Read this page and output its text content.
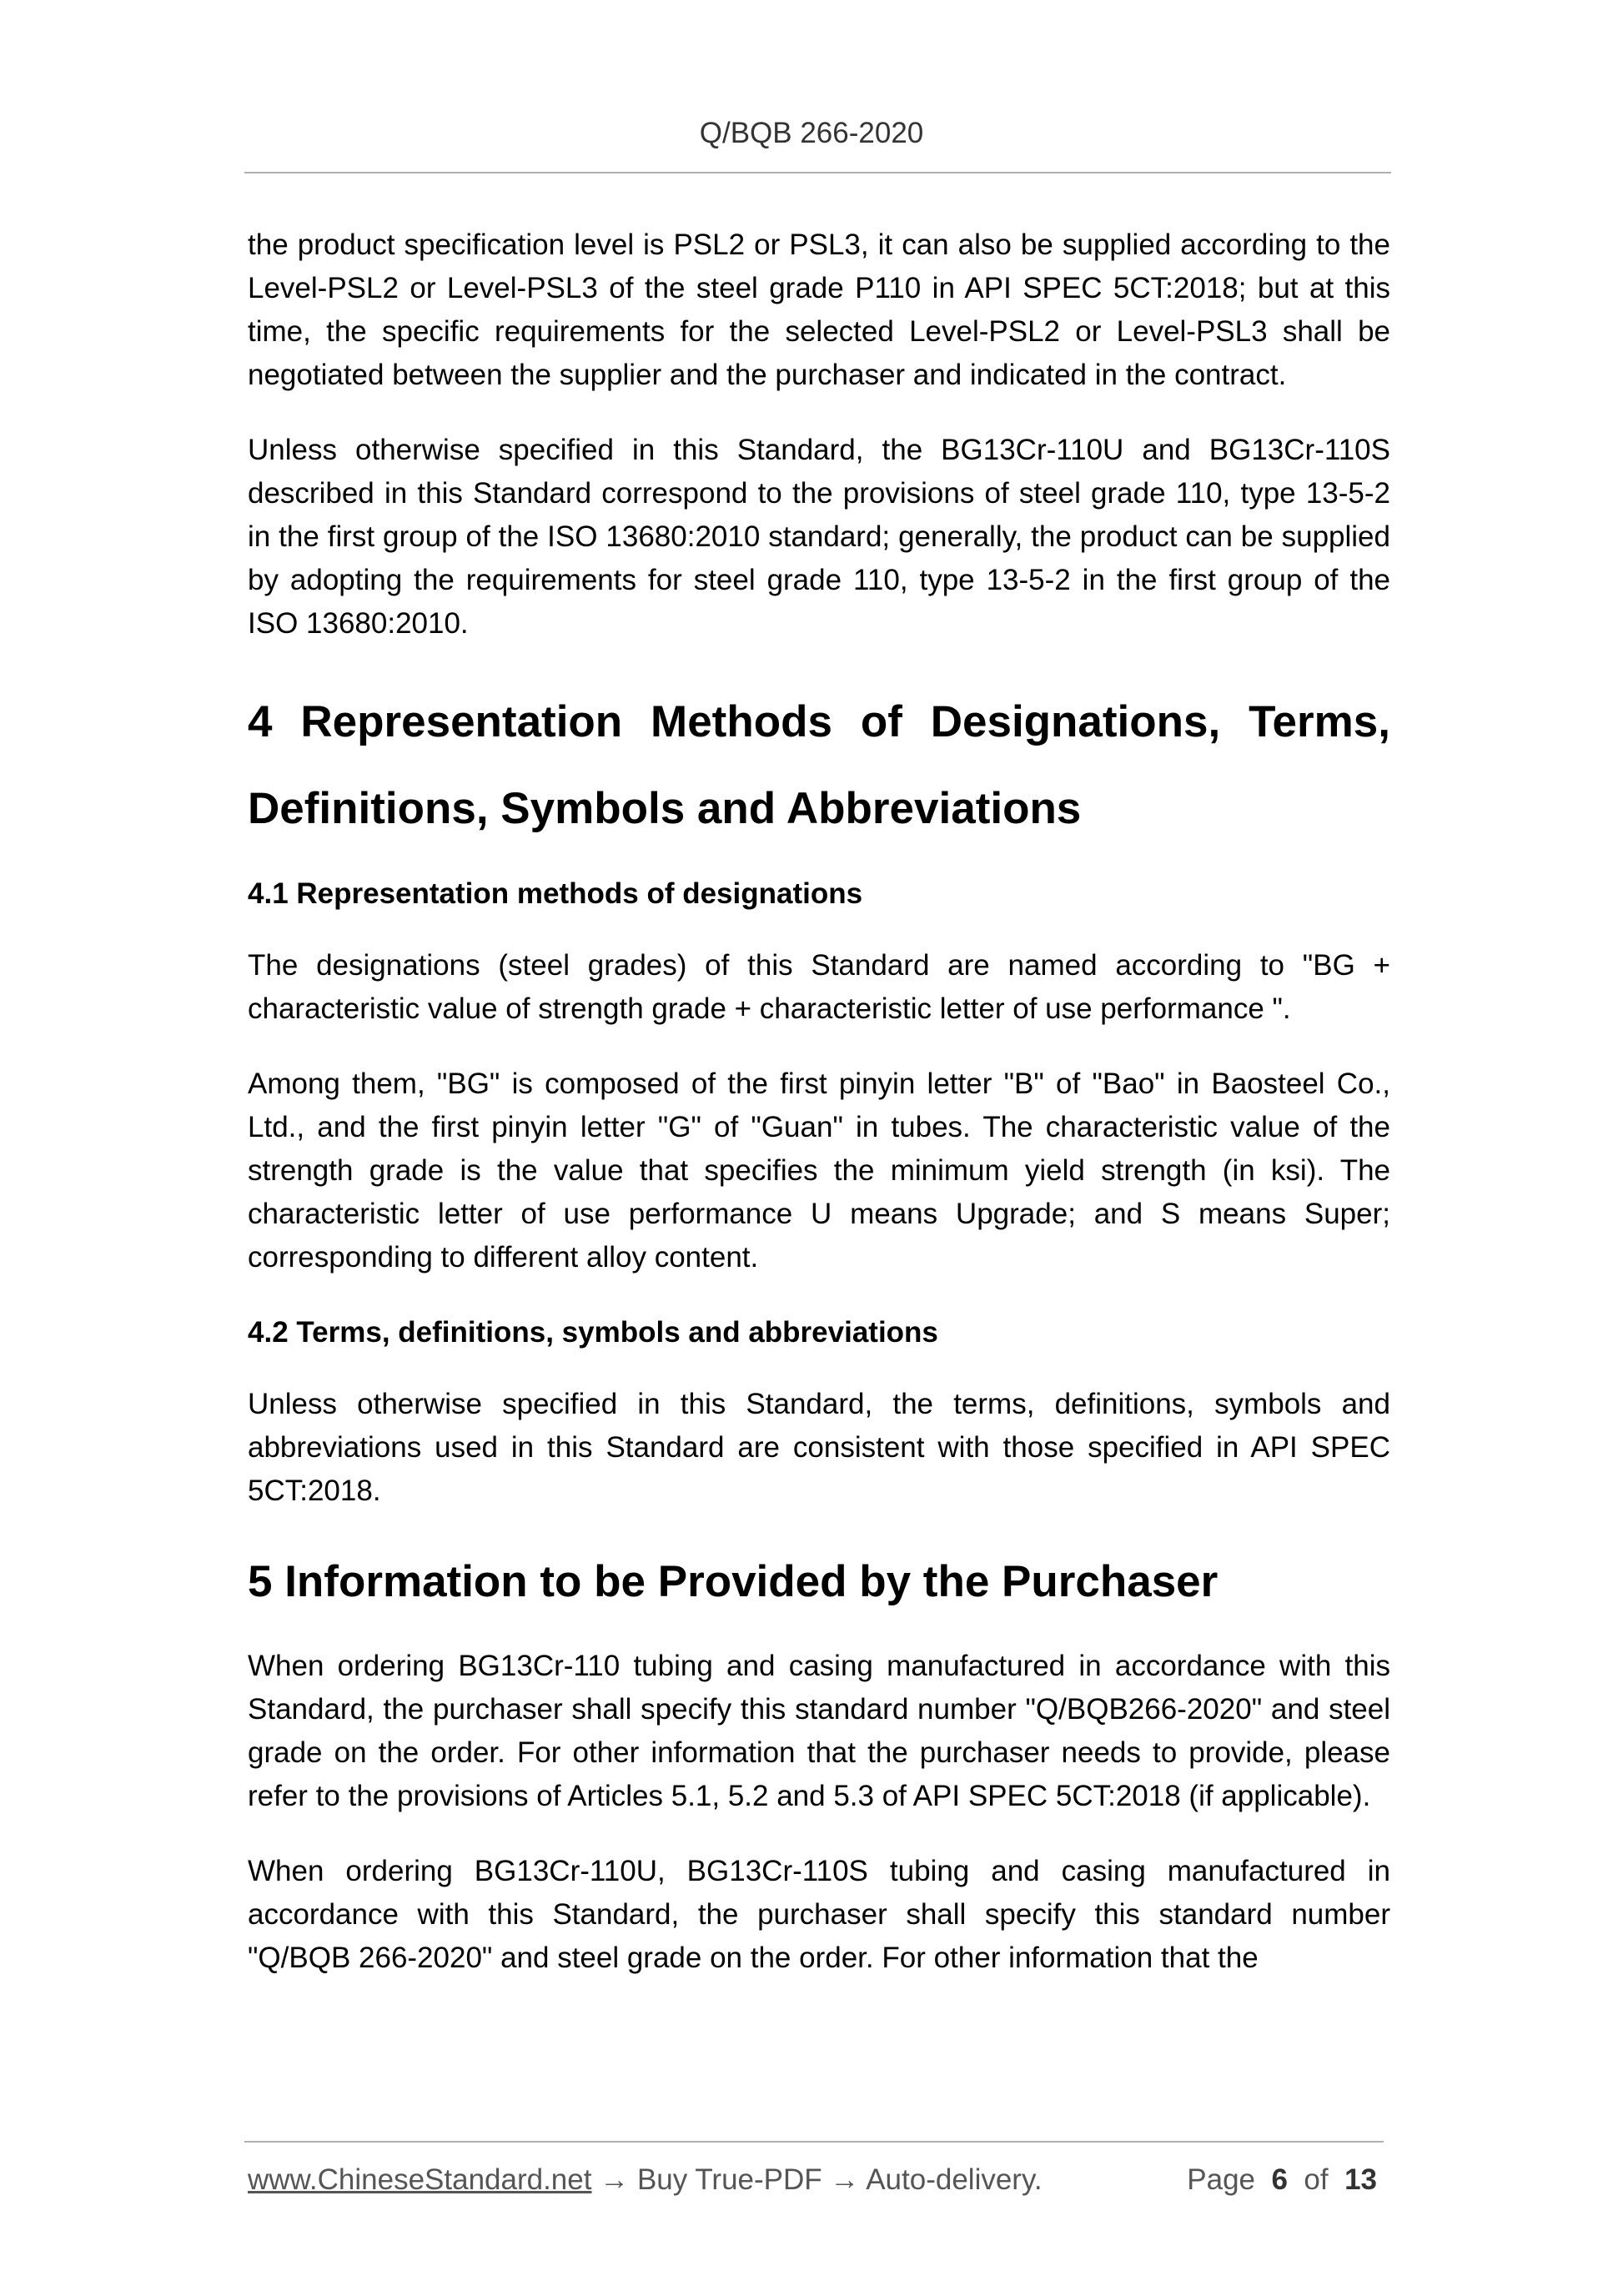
Q/BQB 266-2020

the product specification level is PSL2 or PSL3, it can also be supplied according to the Level-PSL2 or Level-PSL3 of the steel grade P110 in API SPEC 5CT:2018; but at this time, the specific requirements for the selected Level-PSL2 or Level-PSL3 shall be negotiated between the supplier and the purchaser and indicated in the contract.

Unless otherwise specified in this Standard, the BG13Cr-110U and BG13Cr-110S described in this Standard correspond to the provisions of steel grade 110, type 13-5-2 in the first group of the ISO 13680:2010 standard; generally, the product can be supplied by adopting the requirements for steel grade 110, type 13-5-2 in the first group of the ISO 13680:2010.

4 Representation Methods of Designations, Terms, Definitions, Symbols and Abbreviations
4.1 Representation methods of designations

The designations (steel grades) of this Standard are named according to "BG + characteristic value of strength grade + characteristic letter of use performance ".

Among them, "BG" is composed of the first pinyin letter "B" of "Bao" in Baosteel Co., Ltd., and the first pinyin letter "G" of "Guan" in tubes. The characteristic value of the strength grade is the value that specifies the minimum yield strength (in ksi). The characteristic letter of use performance U means Upgrade; and S means Super; corresponding to different alloy content.

4.2 Terms, definitions, symbols and abbreviations

Unless otherwise specified in this Standard, the terms, definitions, symbols and abbreviations used in this Standard are consistent with those specified in API SPEC 5CT:2018.

5 Information to be Provided by the Purchaser

When ordering BG13Cr-110 tubing and casing manufactured in accordance with this Standard, the purchaser shall specify this standard number "Q/BQB266-2020" and steel grade on the order. For other information that the purchaser needs to provide, please refer to the provisions of Articles 5.1, 5.2 and 5.3 of API SPEC 5CT:2018 (if applicable).

When ordering BG13Cr-110U, BG13Cr-110S tubing and casing manufactured in accordance with this Standard, the purchaser shall specify this standard number "Q/BQB 266-2020" and steel grade on the order. For other information that the

www.ChineseStandard.net → Buy True-PDF → Auto-delivery.	Page 6 of 13
